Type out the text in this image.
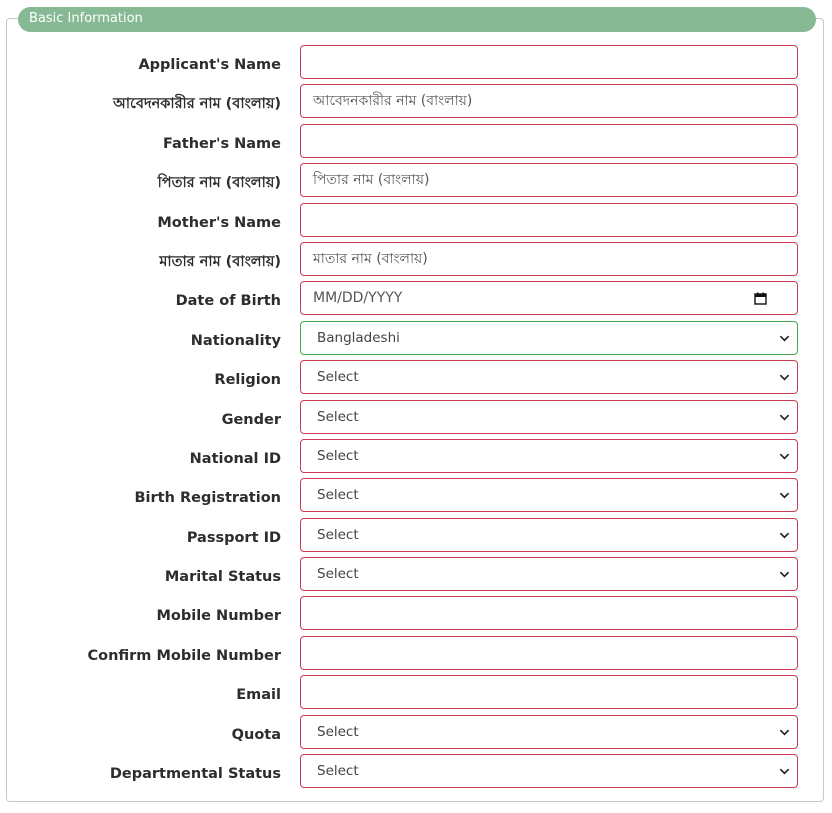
Basic Information
Applicant's Name
আবেদনকারীর নাম (বাংলায়)	আবেদনকারীর নাম (বাংলায়)
Father's Name
পিতার নাম (বাংলায়)	পিতার নাম (বাংলায়)
Mother's Name
মাতার নাম (বাংলায়)	মাতার নাম (বাংলায়)
Date of Birth	MM/DD/YYYY
Nationality	Bangladeshi
Religion	Select
Gender	Select
National ID	Select
Birth Registration	Select
Passport ID	Select
Marital Status	Select
Mobile Number
Confirm Mobile Number
Email
Quota	Select
Departmental Status	Select
